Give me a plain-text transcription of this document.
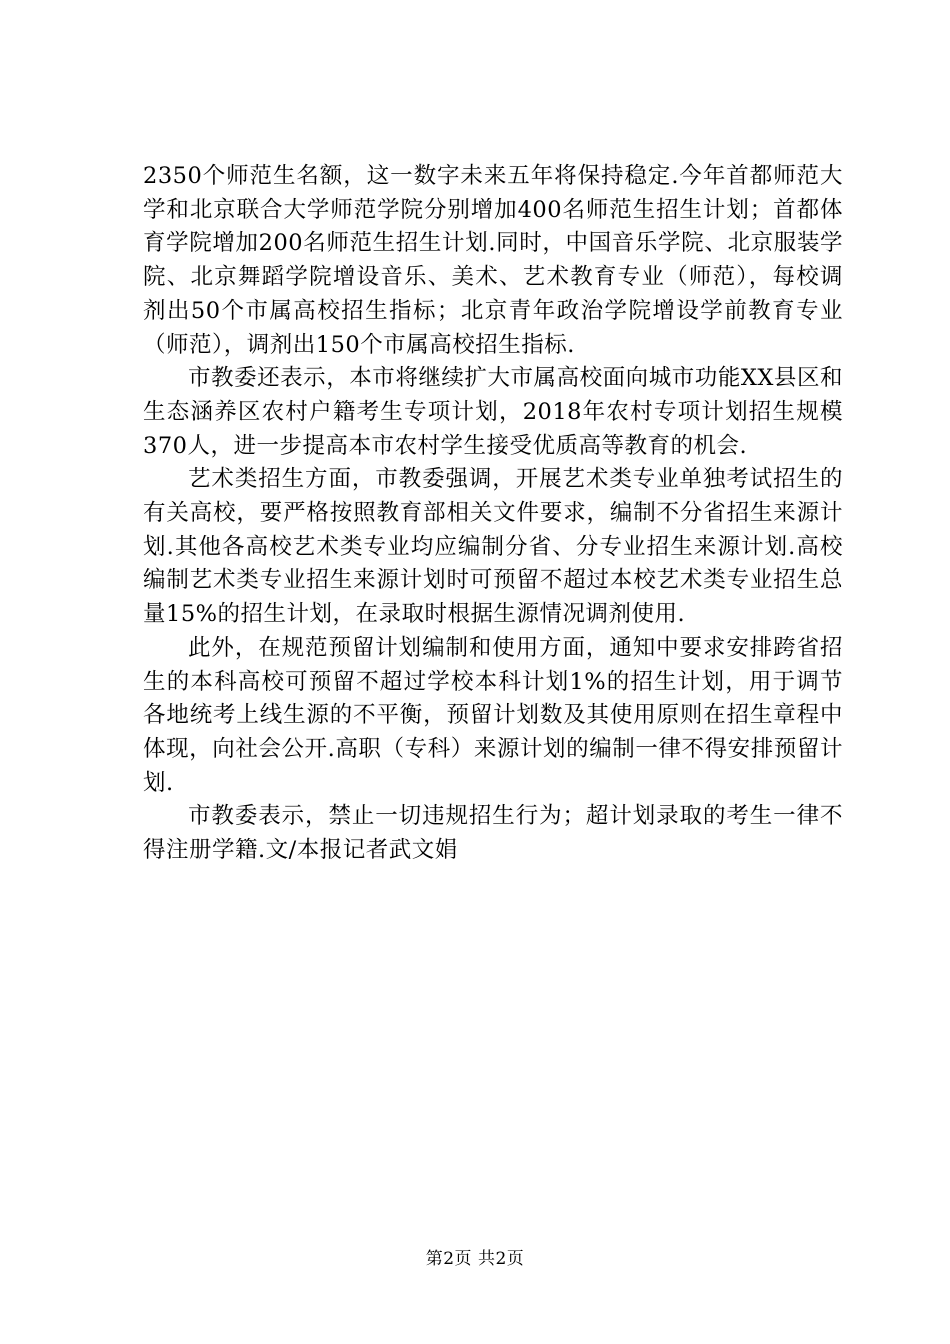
2350个师范生名额，这一数字未来五年将保持稳定.今年首都师范大学和北京联合大学师范学院分别增加400名师范生招生计划；首都体育学院增加200名师范生招生计划.同时，中国音乐学院、北京服装学院、北京舞蹈学院增设音乐、美术、艺术教育专业（师范），每校调剂出50个市属高校招生指标；北京青年政治学院增设学前教育专业（师范），调剂出150个市属高校招生指标.

市教委还表示，本市将继续扩大市属高校面向城市功能XX县区和生态涵养区农村户籍考生专项计划，2018年农村专项计划招生规模370人，进一步提高本市农村学生接受优质高等教育的机会.

艺术类招生方面，市教委强调，开展艺术类专业单独考试招生的有关高校，要严格按照教育部相关文件要求，编制不分省招生来源计划.其他各高校艺术类专业均应编制分省、分专业招生来源计划.高校编制艺术类专业招生来源计划时可预留不超过本校艺术类专业招生总量15%的招生计划，在录取时根据生源情况调剂使用.

此外，在规范预留计划编制和使用方面，通知中要求安排跨省招生的本科高校可预留不超过学校本科计划1%的招生计划，用于调节各地统考上线生源的不平衡，预留计划数及其使用原则在招生章程中体现，向社会公开.高职（专科）来源计划的编制一律不得安排预留计划.

市教委表示，禁止一切违规招生行为；超计划录取的考生一律不得注册学籍.文/本报记者武文娟

第2页 共2页
